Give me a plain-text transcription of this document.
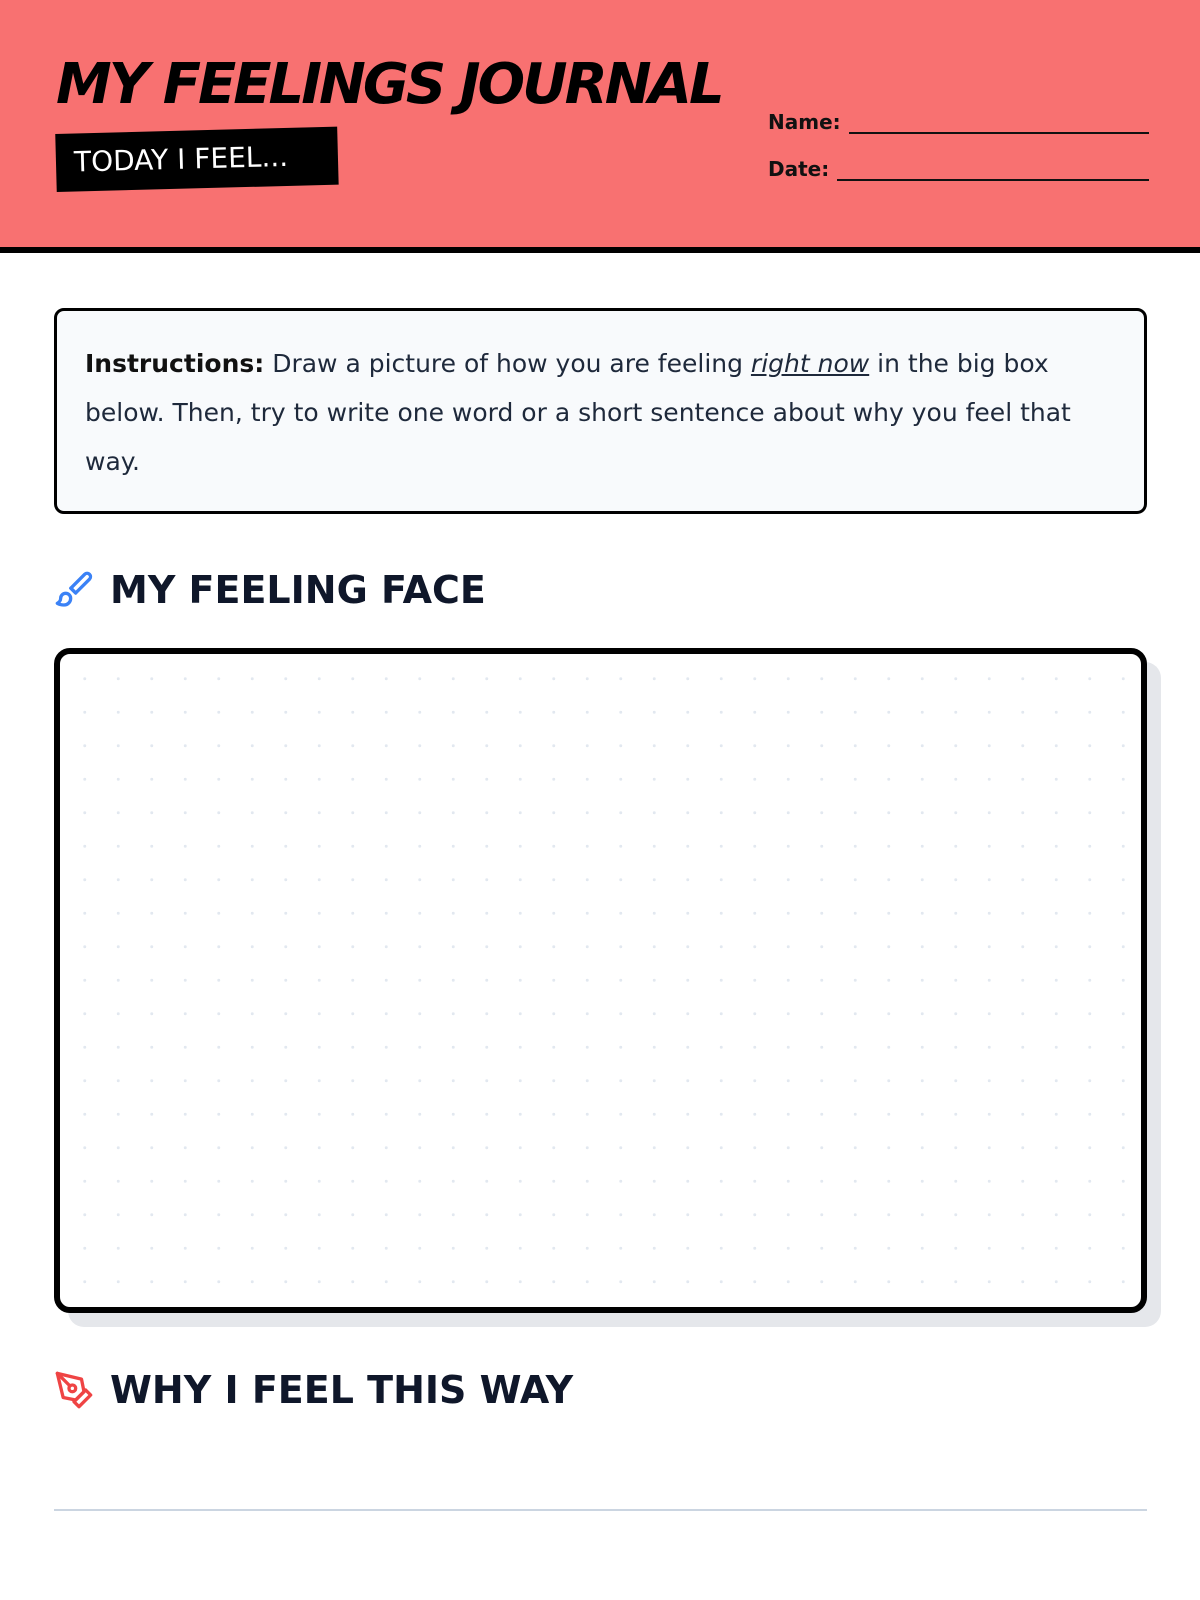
MY FEELINGS JOURNAL
TODAY I FEEL...
Name:
Date:
Instructions: Draw a picture of how you are feeling right now in the big box below. Then, try to write one word or a short sentence about why you feel that way.
MY FEELING FACE
WHY I FEEL THIS WAY
